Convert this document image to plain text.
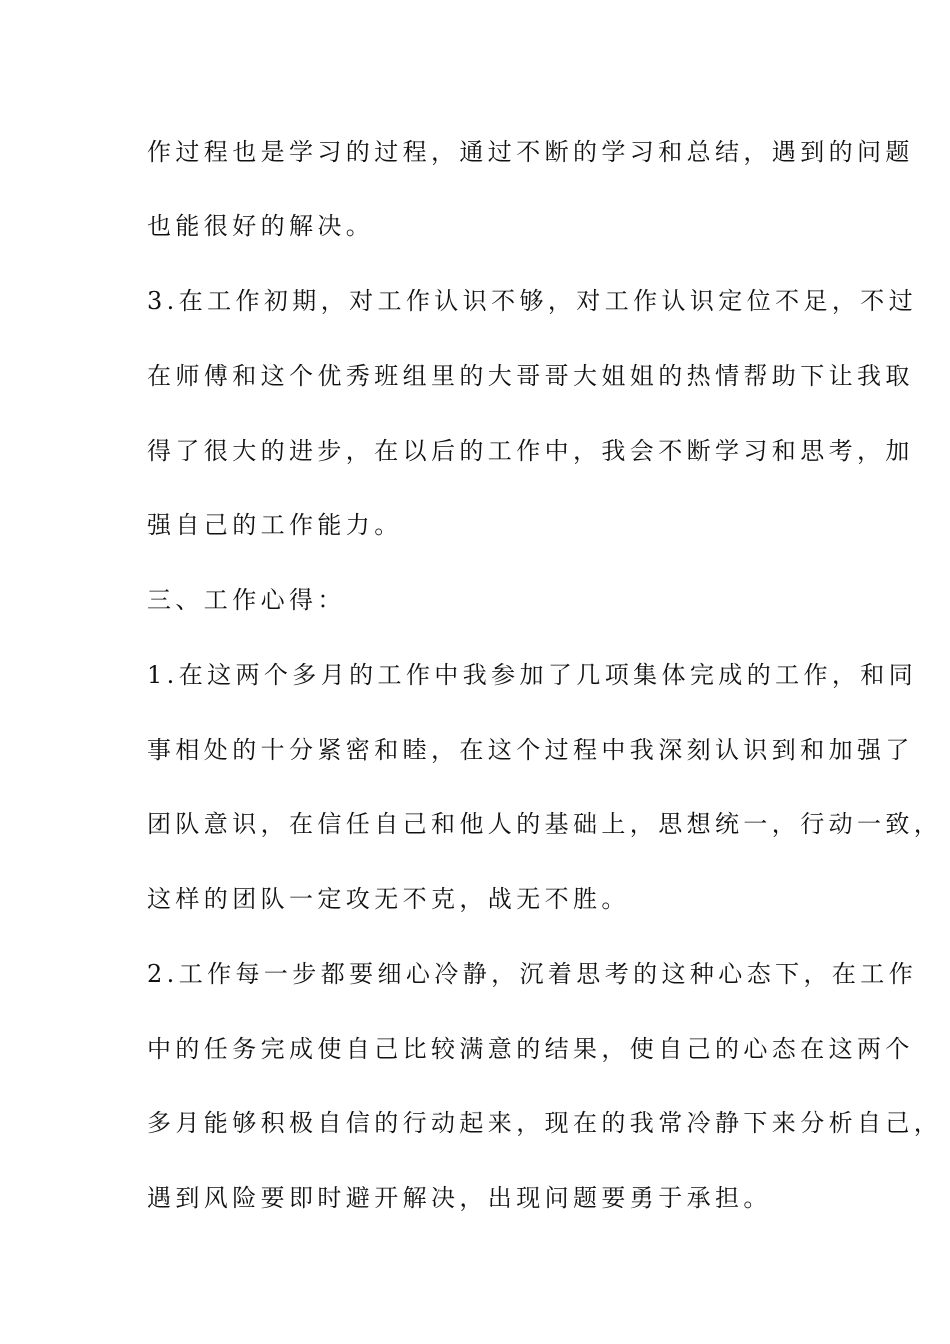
作过程也是学习的过程，通过不断的学习和总结，遇到的问题
也能很好的解决。
3.在工作初期，对工作认识不够，对工作认识定位不足，不过
在师傅和这个优秀班组里的大哥哥大姐姐的热情帮助下让我取
得了很大的进步，在以后的工作中，我会不断学习和思考，加
强自己的工作能力。
三、工作心得：
1.在这两个多月的工作中我参加了几项集体完成的工作，和同
事相处的十分紧密和睦，在这个过程中我深刻认识到和加强了
团队意识，在信任自己和他人的基础上，思想统一，行动一致，
这样的团队一定攻无不克，战无不胜。
2.工作每一步都要细心冷静，沉着思考的这种心态下，在工作
中的任务完成使自己比较满意的结果，使自己的心态在这两个
多月能够积极自信的行动起来，现在的我常冷静下来分析自己，
遇到风险要即时避开解决，出现问题要勇于承担。
